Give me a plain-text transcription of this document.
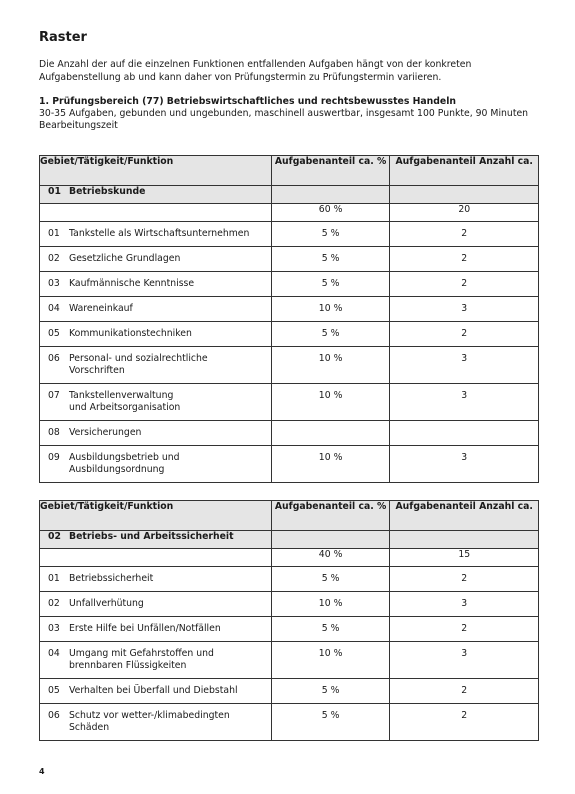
Raster
Die Anzahl der auf die einzelnen Funktionen entfallenden Aufgaben hängt von der konkreten Aufgabenstellung ab und kann daher von Prüfungstermin zu Prüfungstermin variieren.
1. Prüfungsbereich (77) Betriebswirtschaftliches und rechtsbewusstes Handeln
30-35 Aufgaben, gebunden und ungebunden, maschinell auswertbar, insgesamt 100 Punkte, 90 Minuten Bearbeitungszeit
Gebiet/Tätigkeit/Funktion	Aufgabenanteil ca. %	Aufgabenanteil Anzahl ca.
01 Betriebskunde		
	60 %	20

01 Tankstelle als Wirtschaftsunternehmen	5 %	2

02 Gesetzliche Grundlagen	5 %	2

03 Kaufmännische Kenntnisse	5 %	2

04 Wareneinkauf	10 %	3

05 Kommunikationstechniken	5 %	2

06 Personal- und sozialrechtliche Vorschriften	10 %	3

07 Tankstellenverwaltung
und Arbeitsorganisation	10 %	3

08 Versicherungen		

09 Ausbildungsbetrieb und
Ausbildungsordnung	10 %	3
Gebiet/Tätigkeit/Funktion	Aufgabenanteil ca. %	Aufgabenanteil Anzahl ca.
02 Betriebs- und Arbeitssicherheit		
	40 %	15

01 Betriebssicherheit	5 %	2

02 Unfallverhütung	10 %	3

03 Erste Hilfe bei Unfällen/Notfällen	5 %	2

04 Umgang mit Gefahrstoffen und
brennbaren Flüssigkeiten	10 %	3

05 Verhalten bei Überfall und Diebstahl	5 %	2

06 Schutz vor wetter-/klimabedingten
Schäden	5 %	2
4
